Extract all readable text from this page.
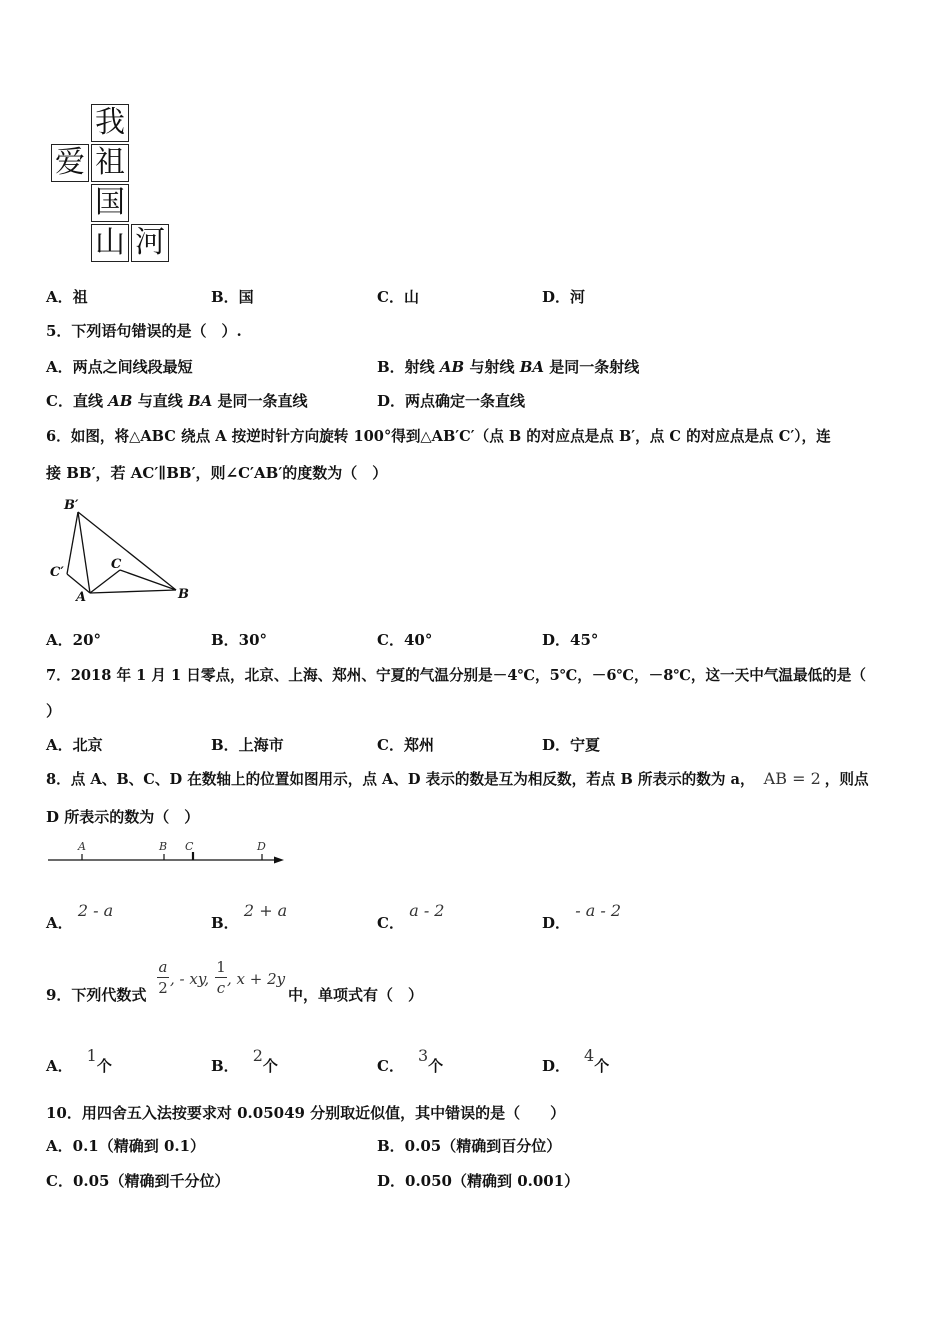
我
爱 祖
国
山 河
A．祖	B．国	C．山	D．河
5．下列语句错误的是（　）.
A．两点之间线段最短	B．射线 AB 与射线 BA 是同一条射线
C．直线 AB 与直线 BA 是同一条直线	D．两点确定一条直线
6．如图，将△ABC 绕点 A 按逆时针方向旋转 100°得到△AB′C′（点 B 的对应点是点 B′，点 C 的对应点是点 C′），连
接 BB′，若 AC′∥BB′，则∠C′AB′的度数为（　）
B′
C′
C
A	B
A．20°	B．30°	C．40°	D．45°
7．2018 年 1 月 1 日零点，北京、上海、郑州、宁夏的气温分别是－4℃，5℃，－6℃，－8℃，这一天中气温最低的是（
）
A．北京	B．上海市	C．郑州	D．宁夏
8．点 A、B、C、D 在数轴上的位置如图用示，点 A、D 表示的数是互为相反数，若点 B 所表示的数为 a， AB = 2 ，则点
D 所表示的数为（　）
A	B C	D
A． 2 - a
B． 2 + a
C． a - 2
D． - a - 2
9．下列代数式
a
2 , - xy,
1
c , x + 2y
中，单项式有（　）
A．1个	B．2个	C．3个	D．4个
10．用四舍五入法按要求对 0.05049 分别取近似值，其中错误的是（　　）
A．0.1（精确到 0.1）	B．0.05（精确到百分位）
C．0.05（精确到千分位）	D．0.050（精确到 0.001）
